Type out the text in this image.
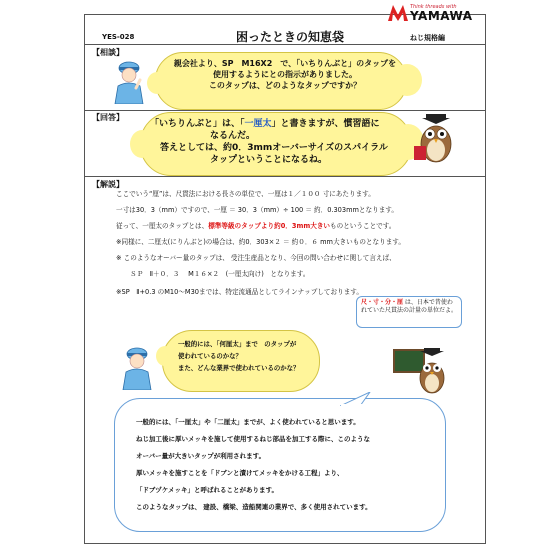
Think threads with
YAMAWA
YES-028	困ったときの知恵袋	ねじ規格編
【相談】
親会社より、SP　M16X2　で、「いちりんぶと」のタップを
使用するようにとの指示がありました。
このタップは、どのようなタップですか？
【回答】
「いちりんぶと」は、「一厘太」と書きますが、慣習語に
なるんだ。
答えとしては、約0．3mmオーバーサイズのスパイラル
タップということになるね。
【解説】
ここでいう“厘”は、尺貫法における長さの単位で、一厘は１／１００ 寸にあたります。
一寸は30．3（mm）ですので、一厘 ＝ 30．3（mm）÷ 100 ＝ 約．0.303mmとなります。
従って、一厘太のタップとは、標準等級のタップより約0．3mm大きいものということです。
※同様に、二厘太(にりんぶと)の場合は、約0．303×２ ＝ 約０．６ mm大きいものとなります。
※ このようなオーバー量のタップは、 受注生産品となり、今回の問い合わせに関して言えば、
ＳＰ　Ⅱ＋０．３　 M１６×２　(一厘太向け)　となります。
※SP　Ⅱ+0.3 のM10～M30までは、特定流通品としてラインナップしております。
尺・寸・分・厘 は、日本で昔使われていた尺貫法の計量の単位だよ。
一般的には、「何厘太」まで　のタップが
使われているのかな？
また、どんな業界で使われているのかな？
一般的には、「一厘太」や「二厘太」までが、よく使われていると思います。
ねじ加工後に厚いメッキを施して使用するねじ部品を加工する際に、このような
オーバー量が大きいタップが利用されます。
厚いメッキを施すことを「ドブンと漬けてメッキをかける工程」より、
「ドブヅケメッキ」と呼ばれることがあります。
このようなタップは、 建設、橋梁、造船関連の業界で、多く使用されています。
